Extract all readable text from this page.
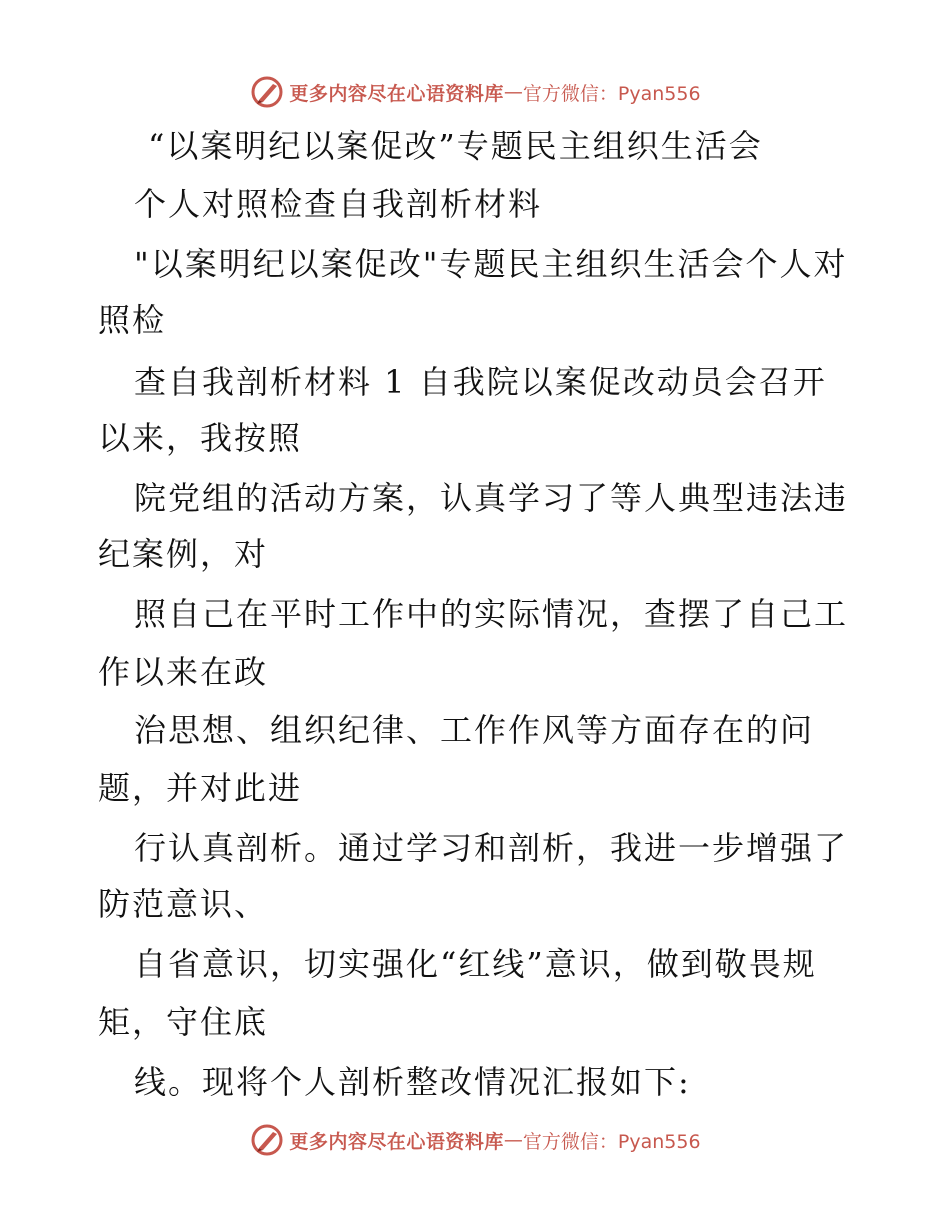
更多内容尽在心语资料库 — 官方微信：Pyan556
“以案明纪以案促改”专题民主组织生活会
个人对照检查自我剖析材料
"以案明纪以案促改"专题民主组织生活会个人对
照检
查自我剖析材料 1 自我院以案促改动员会召开
以来，我按照
院党组的活动方案，认真学习了等人典型违法违
纪案例，对
照自己在平时工作中的实际情况，查摆了自己工
作以来在政
治思想、组织纪律、工作作风等方面存在的问
题，并对此进
行认真剖析。通过学习和剖析，我进一步增强了
防范意识、
自省意识，切实强化“红线”意识，做到敬畏规
矩，守住底
线。现将个人剖析整改情况汇报如下:
更多内容尽在心语资料库 — 官方微信：Pyan556
